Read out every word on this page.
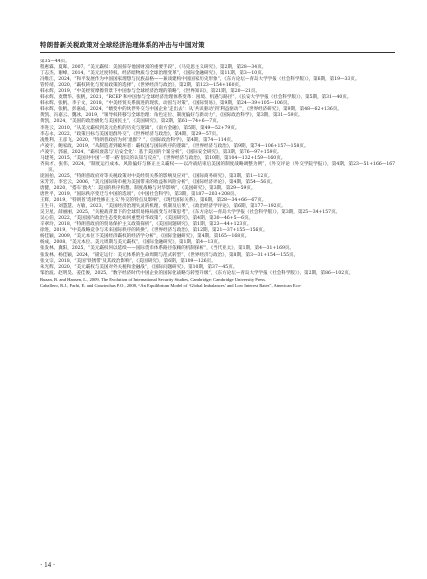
特朗普新关税政策对全球经济治理体系的冲击与中国对策
第35—44页。
程惠霖、夏晖，2007，“美元霸权：美国掠夺他国财富的重要手段”，《马克思主义研究》，第2期，第28—34页。
丁志杰、谢峰，2014，“美元过度特权、经济暗物质与全球治理变革”，《国际金融研究》，第11期，第3—10页。
冯维江，2024，“和平发展作为中国国家理想与民族品格——兼谈建构中国国家历史形象”，《东方论坛—青岛大学学报（社会科学版）》，第6期，第19—33页。
管传靖，2020，“霸权转化与贸易政策的选择”，《世界经济与政治》，第2期，第123—154+160页。
韩永辉，2019，“中美经贸摩擦背景下中国参与全球经济治理的策略”，《世界知识》，第21期，第20—21页。
韩永辉、麦缵华、张帆，2021，“RCEP 和中国参与全球经济治理体系变革：困境、机遇与路径”，《长安大学学报（社会科学版）》，第5期，第31—40页。
韩永辉、张帆、李子文，2018，“中美经贸关系演进的现状、动因与对策”，《国际贸易》，第9期，第24—39+105—106页。
韩永辉、张帆、彭嘉成，2024，“嬗变中的伙伴外交与中国企业‘走出去’：从‘共识驱动’到‘利益驱动’”，《世界经济研究》，第9期，第48—62+136页。
黄凯、冯嘉云、魏冰，2019，“领导权转移与全球治理：角色定位、制度偏好与新动力”，《国际政治科学》，第3期，第31—59页。
黄凯，2024，“美国的政治极化与美国民主”，《美国研究》，第2期，第61—74+6—7页。
李进云，2010，“从美元霸权到美元危机的历史与逻辑”，《南方金融》，第5期，第49—52+79页。
李志永，2022，“政策目标与美国退群外交”，《世界经济与政治》，第4期，第29—57页。
凌胜利、王彦飞，2020，“特朗普政府为何‘退群’？”，《国际政治科学》，第4期，第74—114页。
卢凌宇、鲍家政，2019，“从制造者到破坏者：霸权国与国际秩序的逻辑”，《世界经济与政治》，第9期，第74—106+157—158页。
卢凌宇、郭嘉，2024，“霸权衰落与‘后安全化’：基于美国的个案分析”，《国际安全研究》，第3期，第76—97+159页。
马建英，2015，“美国对中国‘一带一路’倡议的认知与反应”，《世界经济与政治》，第10期，第104—132+159—160页。
齐尚才、张伟，2024，“制度运行成本、风险偏好与修正主义霸权——以冷战结束后美国的制度战略调整为例”，《外交评论（外交学院学报）》，第4期，第23—51+166—167页。
庞国拍，2025，“特朗普政府对等关税政策对中美经贸关系的影响及应对”，《国际商务研究》，第3期，第1—12页。
宋芳芳、李宏云，2006，“美元国际铸币税为美国带来的收益和风险分析”，《国际经济评论》，第4期，第54—56页。
唐健，2020，“搭车‘救火’：美国的秩序构想、制度战略与对华影响”，《美国研究》，第3期，第29—59页。
唐世平，2019，“国际秩序变迁与中国的选项”，《中国社会科学》，第3期，第187—203+208页。
王辉，2019，“特朗普‘选择性修正主义’外交的特点及影响”，《现代国际关系》，第6期，第28—34+66—67页。
王生升、刘慧慧、方敏，2023，“美国经济治理失灵的机理、机制及后果”，《政治经济学评论》，第6期，第177—192页。
吴卫星、薛丽丽，2025，“关税战背景下的全球贸易格局演变与对策思考”，《东方论坛—青岛大学学报（社会科学版）》，第3期，第25—34+157页。
吴心伯，2022，“美国国内政治生态变化如何重塑对华政策”，《美国研究》，第4期，第30—46+5—6页。
辛翠玲，2018，“特朗普政府的贸易保护主义政策探析”，《美国问题研究》，第1期，第23—44+123页。
徐进，2019，“中美战略竞争与未来国际秩序的转换”，《世界经济与政治》，第12期，第21—37+155—156页。
杨佳颖，2009，“美元本位下美国经济霸权的经济学分析”，《国际金融研究》，第4期，第165—168页。
杨成，2008，“美元本位、美元周期与美元霸权”，《国际金融研究》，第1期，第4—13页。
张发林、冀阳，2025，“美元霸权何以延续——国际货币体系路径依赖的机制探析”，《当代亚太》，第1期，第4—31+169页。
张发林、杨佳颖，2024，“锚定运行：美元体系的生命周期与范式转型”，《世界经济与政治》，第8期，第3—31+154—155页。
张文宗，2018，“美国‘铁锈带’及其政治影响”，《美国研究》，第6期，第109—126页。
朱光辉，2020，“美元霸权与美国对外关税和金融战”，《国际问题研究》，第10期，第37—45页。
邹治波、赵明昊、姜佳俊，2025，“数字经济时代中国企业的国际化战略与转型升级”，《东方论坛—青岛大学学报（社会科学版）》，第2期，第86—102页。
Buzan, B. and Hansen, L., 2009, The Evolution of International Security Studies, Cambridge: Cambridge University Press.
Caballero, R.J., Farhi, E. and Gourinchas P.O., 2008, “An Equilibrium Model of ‘Global Imbalances’ and Low Interest Rates”, American Eco-
· 14 ·
